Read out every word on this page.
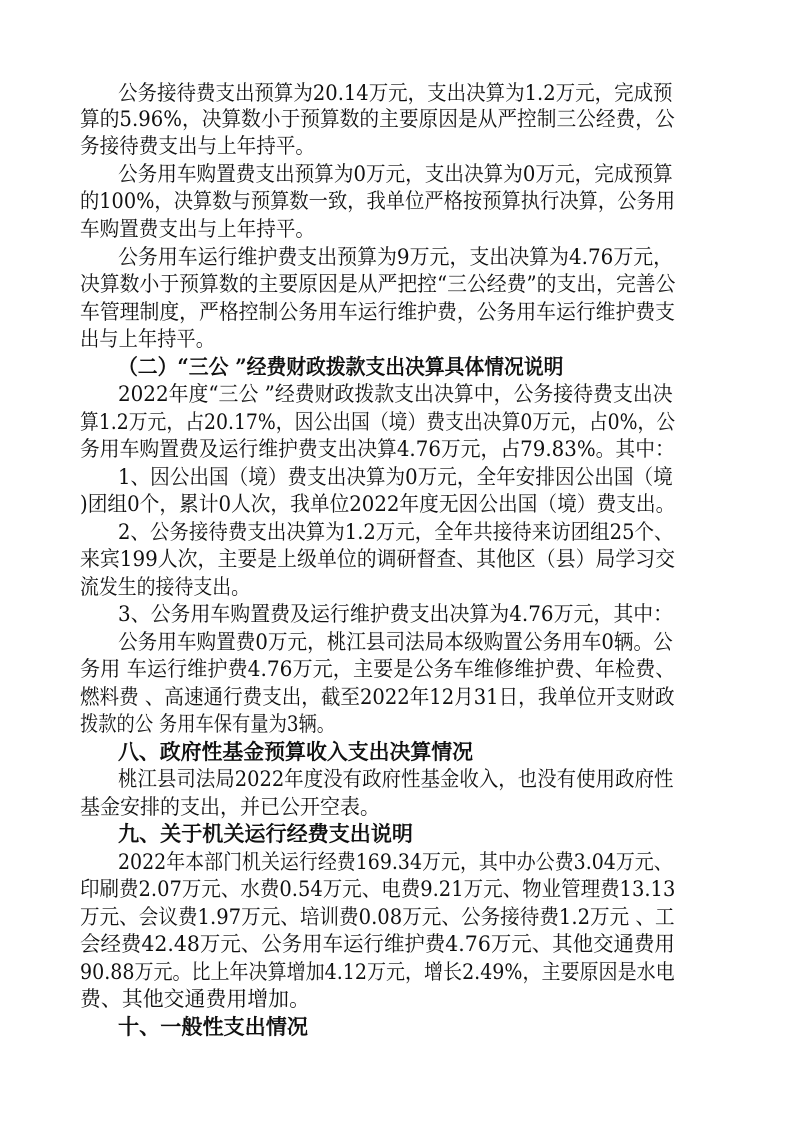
公务接待费支出预算为20.14万元，支出决算为1.2万元，完成预
算的5.96%，决算数小于预算数的主要原因是从严控制三公经费，公
务接待费支出与上年持平。
公务用车购置费支出预算为0万元，支出决算为0万元，完成预算
的100%，决算数与预算数一致，我单位严格按预算执行决算，公务用
车购置费支出与上年持平。
公务用车运行维护费支出预算为9万元，支出决算为4.76万元，
决算数小于预算数的主要原因是从严把控“三公经费”的支出，完善公
车管理制度，严格控制公务用车运行维护费，公务用车运行维护费支
出与上年持平。
（二）“三公 ”经费财政拨款支出决算具体情况说明
2022年度“三公 ”经费财政拨款支出决算中，公务接待费支出决
算1.2万元，占20.17%，因公出国（境）费支出决算0万元，占0%，公
务用车购置费及运行维护费支出决算4.76万元，占79.83%。其中：
1、因公出国（境）费支出决算为0万元，全年安排因公出国（境
)团组0个，累计0人次，我单位2022年度无因公出国（境）费支出。
2、公务接待费支出决算为1.2万元，全年共接待来访团组25个、
来宾199人次，主要是上级单位的调研督查、其他区（县）局学习交
流发生的接待支出。
3、公务用车购置费及运行维护费支出决算为4.76万元，其中：
公务用车购置费0万元，桃江县司法局本级购置公务用车0辆。公
务用 车运行维护费4.76万元，主要是公务车维修维护费、年检费、
燃料费 、高速通行费支出，截至2022年12月31日，我单位开支财政
拨款的公 务用车保有量为3辆。
八、政府性基金预算收入支出决算情况
桃江县司法局2022年度没有政府性基金收入，也没有使用政府性
基金安排的支出，并已公开空表。
九、关于机关运行经费支出说明
2022年本部门机关运行经费169.34万元，其中办公费3.04万元、
印刷费2.07万元、水费0.54万元、电费9.21万元、物业管理费13.13
万元、会议费1.97万元、培训费0.08万元、公务接待费1.2万元 、工
会经费42.48万元、公务用车运行维护费4.76万元、其他交通费用
90.88万元。比上年决算增加4.12万元，增长2.49%，主要原因是水电
费、其他交通费用增加。
十、一般性支出情况
